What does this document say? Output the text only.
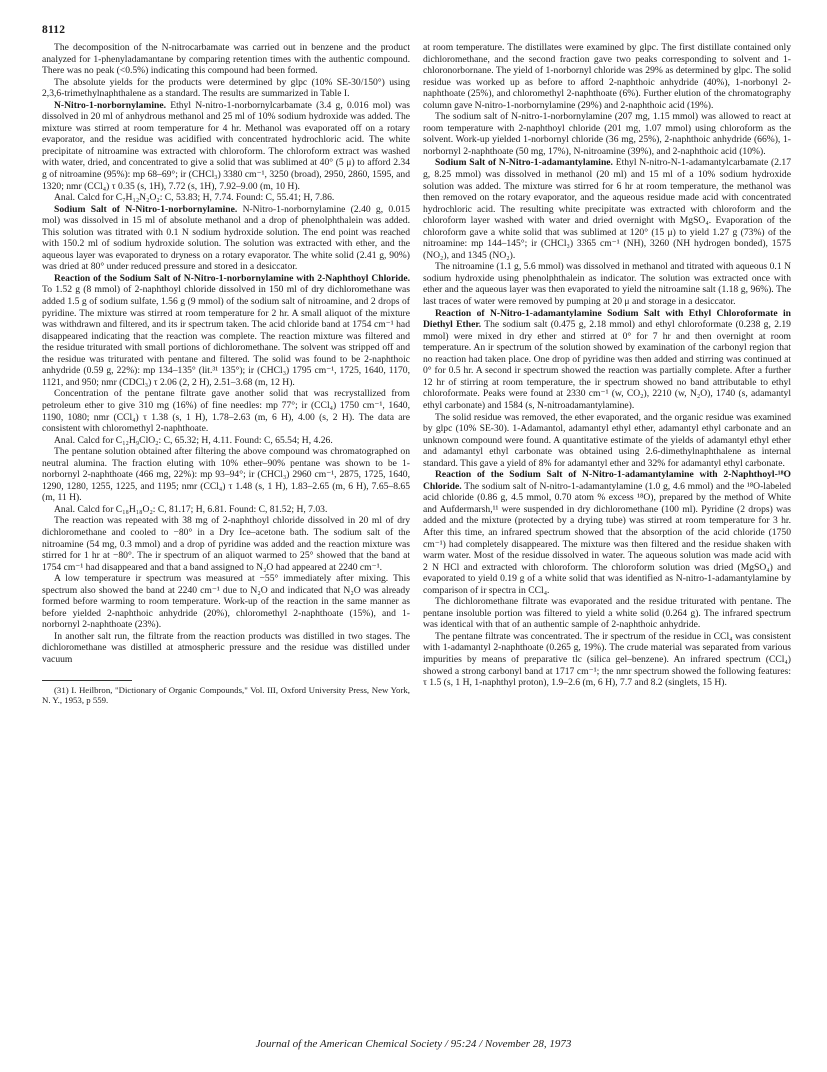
8112

The decomposition of the N-nitrocarbamate was carried out in benzene and the product analyzed for 1-phenyladamantane by comparing retention times with the authentic compound. There was no peak (<0.5%) indicating this compound had been formed.

The absolute yields for the products were determined by glpc (10% SE-30/150°) using 2,3,6-trimethylnaphthalene as a standard. The results are summarized in Table I.

N-Nitro-1-norbornylamine. Ethyl N-nitro-1-norbornylcarbamate (3.4 g, 0.016 mol) was dissolved in 20 ml of anhydrous methanol and 25 ml of 10% sodium hydroxide was added. The mixture was stirred at room temperature for 4 hr. Methanol was evaporated off on a rotary evaporator, and the residue was acidified with concentrated hydrochloric acid. The white precipitate of nitroamine was extracted with chloroform. The chloroform extract was washed with water, dried, and concentrated to give a solid that was sublimed at 40° (5 μ) to afford 2.34 g of nitroamine (95%): mp 68–69°; ir (CHCl₃) 3380 cm⁻¹, 3250 (broad), 2950, 2860, 1595, and 1320; nmr (CCl₄) τ 0.35 (s, 1H), 7.72 (s, 1H), 7.92–9.00 (m, 10 H).

Anal. Calcd for C₇H₁₂N₂O₂: C, 53.83; H, 7.74. Found: C, 55.41; H, 7.86.

Sodium Salt of N-Nitro-1-norbornylamine. N-Nitro-1-norbornylamine (2.40 g, 0.015 mol) was dissolved in 15 ml of absolute methanol and a drop of phenolphthalein was added. This solution was titrated with 0.1 N sodium hydroxide solution. The end point was reached with 150.2 ml of sodium hydroxide solution. The solution was extracted with ether, and the aqueous layer was evaporated to dryness on a rotary evaporator. The white solid (2.41 g, 90%) was dried at 80° under reduced pressure and stored in a desiccator.

Reaction of the Sodium Salt of N-Nitro-1-norbornylamine with 2-Naphthoyl Chloride. To 1.52 g (8 mmol) of 2-naphthoyl chloride dissolved in 150 ml of dry dichloromethane was added 1.5 g of sodium sulfate, 1.56 g (9 mmol) of the sodium salt of nitroamine, and 2 drops of pyridine. The mixture was stirred at room temperature for 2 hr. A small aliquot of the mixture was withdrawn and filtered, and its ir spectrum taken. The acid chloride band at 1754 cm⁻¹ had disappeared indicating that the reaction was complete. The reaction mixture was filtered and the residue triturated with small portions of dichloromethane. The solvent was stripped off and the residue was triturated with pentane and filtered. The solid was found to be 2-naphthoic anhydride (0.59 g, 22%): mp 134–135° (lit.³¹ 135°); ir (CHCl₃) 1795 cm⁻¹, 1725, 1640, 1170, 1121, and 950; nmr (CDCl₃) τ 2.06 (2, 2 H), 2.51–3.68 (m, 12 H).

Concentration of the pentane filtrate gave another solid that was recrystallized from petroleum ether to give 310 mg (16%) of fine needles: mp 77°; ir (CCl₄) 1750 cm⁻¹, 1640, 1190, 1080; nmr (CCl₄) τ 1.38 (s, 1 H), 1.78–2.63 (m, 6 H), 4.00 (s, 2 H). The data are consistent with chloromethyl 2-naphthoate.

Anal. Calcd for C₁₂H₉ClO₂: C, 65.32; H, 4.11. Found: C, 65.54; H, 4.26.

The pentane solution obtained after filtering the above compound was chromatographed on neutral alumina. The fraction eluting with 10% ether–90% pentane was shown to be 1-norbornyl 2-naphthoate (466 mg, 22%): mp 93–94°; ir (CHCl₃) 2960 cm⁻¹, 2875, 1725, 1640, 1290, 1280, 1255, 1225, and 1195; nmr (CCl₄) τ 1.48 (s, 1 H), 1.83–2.65 (m, 6 H), 7.65–8.65 (m, 11 H).

Anal. Calcd for C₁₈H₁₈O₂: C, 81.17; H, 6.81. Found: C, 81.52; H, 7.03.

The reaction was repeated with 38 mg of 2-naphthoyl chloride dissolved in 20 ml of dry dichloromethane and cooled to −80° in a Dry Ice–acetone bath. The sodium salt of the nitroamine (54 mg, 0.3 mmol) and a drop of pyridine was added and the reaction mixture was stirred for 1 hr at −80°. The ir spectrum of an aliquot warmed to 25° showed that the band at 1754 cm⁻¹ had disappeared and that a band assigned to N₂O had appeared at 2240 cm⁻¹.

A low temperature ir spectrum was measured at −55° immediately after mixing. This spectrum also showed the band at 2240 cm⁻¹ due to N₂O and indicated that N₂O was already formed before warming to room temperature. Work-up of the reaction in the same manner as before yielded 2-naphthoic anhydride (20%), chloromethyl 2-naphthoate (15%), and 1-norbornyl 2-naphthoate (23%).

In another salt run, the filtrate from the reaction products was distilled in two stages. The dichloromethane was distilled at atmospheric pressure and the residue was distilled under vacuum

(31) I. Heilbron, "Dictionary of Organic Compounds," Vol. III, Oxford University Press, New York, N. Y., 1953, p 559.

at room temperature. The distillates were examined by glpc. The first distillate contained only dichloromethane, and the second fraction gave two peaks corresponding to solvent and 1-chloronorbornane. The yield of 1-norbornyl chloride was 29% as determined by glpc. The solid residue was worked up as before to afford 2-naphthoic anhydride (40%), 1-norbonyl 2-naphthoate (25%), and chloromethyl 2-naphthoate (6%). Further elution of the chromatography column gave N-nitro-1-norbornylamine (29%) and 2-naphthoic acid (19%).

The sodium salt of N-nitro-1-norbornylamine (207 mg, 1.15 mmol) was allowed to react at room temperature with 2-naphthoyl chloride (201 mg, 1.07 mmol) using chloroform as the solvent. Work-up yielded 1-norbornyl chloride (36 mg, 25%), 2-naphthoic anhydride (66%), 1-norbornyl 2-naphthoate (50 mg, 17%), N-nitroamine (39%), and 2-naphthoic acid (10%).

Sodium Salt of N-Nitro-1-adamantylamine. Ethyl N-nitro-N-1-adamantylcarbamate (2.17 g, 8.25 mmol) was dissolved in methanol (20 ml) and 15 ml of a 10% sodium hydroxide solution was added. The mixture was stirred for 6 hr at room temperature, the methanol was then removed on the rotary evaporator, and the aqueous residue made acid with concentrated hydrochloric acid. The resulting white precipitate was extracted with chloroform and the chloroform layer washed with water and dried overnight with MgSO₄. Evaporation of the chloroform gave a white solid that was sublimed at 120° (15 μ) to yield 1.27 g (73%) of the nitroamine: mp 144–145°; ir (CHCl₃) 3365 cm⁻¹ (NH), 3260 (NH hydrogen bonded), 1575 (NO₂), and 1345 (NO₂).

The nitroamine (1.1 g, 5.6 mmol) was dissolved in methanol and titrated with aqueous 0.1 N sodium hydroxide using phenolphthalein as indicator. The solution was extracted once with ether and the aqueous layer was then evaporated to yield the nitroamine salt (1.18 g, 96%). The last traces of water were removed by pumping at 20 μ and storage in a desiccator.

Reaction of N-Nitro-1-adamantylamine Sodium Salt with Ethyl Chloroformate in Diethyl Ether. The sodium salt (0.475 g, 2.18 mmol) and ethyl chloroformate (0.238 g, 2.19 mmol) were mixed in dry ether and stirred at 0° for 7 hr and then overnight at room temperature. An ir spectrum of the solution showed by examination of the carbonyl region that no reaction had taken place. One drop of pyridine was then added and stirring was continued at 0° for 0.5 hr. A second ir spectrum showed the reaction was partially complete. After a further 12 hr of stirring at room temperature, the ir spectrum showed no band attributable to ethyl chloroformate. Peaks were found at 2330 cm⁻¹ (w, CO₂), 2210 (w, N₂O), 1740 (s, adamantyl ethyl carbonate) and 1584 (s, N-nitroadamantylamine).

The solid residue was removed, the ether evaporated, and the organic residue was examined by glpc (10% SE-30). 1-Adamantol, adamantyl ethyl ether, adamantyl ethyl carbonate and an unknown compound were found. A quantitative estimate of the yields of adamantyl ethyl ether and adamantyl ethyl carbonate was obtained using 2.6-dimethylnaphthalene as internal standard. This gave a yield of 8% for adamantyl ether and 32% for adamantyl ethyl carbonate.

Reaction of the Sodium Salt of N-Nitro-1-adamantylamine with 2-Naphthoyl-¹⁸O Chloride. The sodium salt of N-nitro-1-adamantylamine (1.0 g, 4.6 mmol) and the ¹⁸O-labeled acid chloride (0.86 g, 4.5 mmol, 0.70 atom % excess ¹⁸O), prepared by the method of White and Aufdermarsh,¹¹ were suspended in dry dichloromethane (100 ml). Pyridine (2 drops) was added and the mixture (protected by a drying tube) was stirred at room temperature for 3 hr. After this time, an infrared spectrum showed that the absorption of the acid chloride (1750 cm⁻¹) had completely disappeared. The mixture was then filtered and the residue shaken with warm water. Most of the residue dissolved in water. The aqueous solution was made acid with 2 N HCl and extracted with chloroform. The chloroform solution was dried (MgSO₄) and evaporated to yield 0.19 g of a white solid that was identified as N-nitro-1-adamantylamine by comparison of ir spectra in CCl₄.

The dichloromethane filtrate was evaporated and the residue triturated with pentane. The pentane insoluble portion was filtered to yield a white solid (0.264 g). The infrared spectrum was identical with that of an authentic sample of 2-naphthoic anhydride.

The pentane filtrate was concentrated. The ir spectrum of the residue in CCl₄ was consistent with 1-adamantyl 2-naphthoate (0.265 g, 19%). The crude material was separated from various impurities by means of preparative tlc (silica gel–benzene). An infrared spectrum (CCl₄) showed a strong carbonyl band at 1717 cm⁻¹; the nmr spectrum showed the following features: τ 1.5 (s, 1 H, 1-naphthyl proton), 1.9–2.6 (m, 6 H), 7.7 and 8.2 (singlets, 15 H).

Journal of the American Chemical Society / 95:24 / November 28, 1973
